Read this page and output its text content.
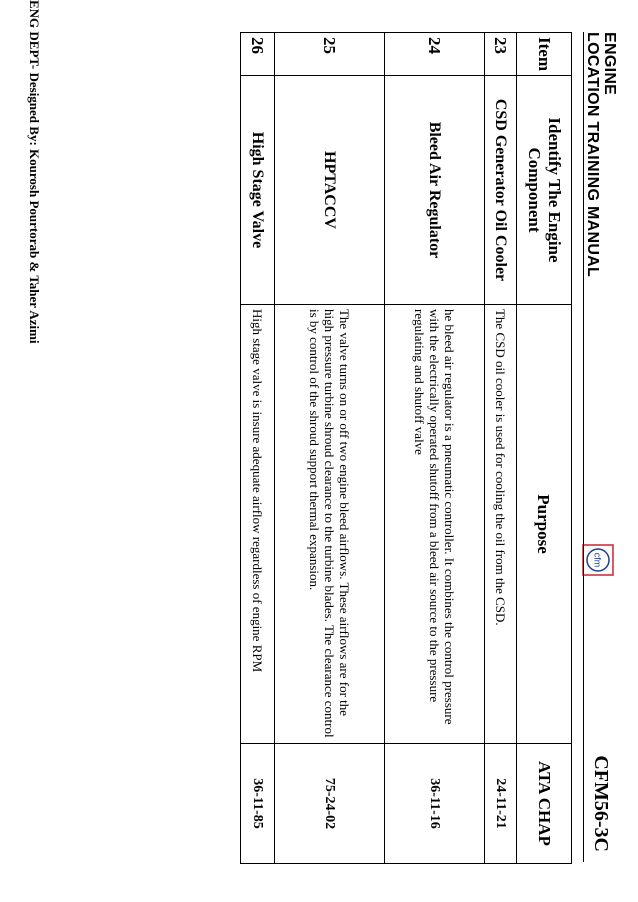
ENGINE
LOCATION TRAINING MANUAL
cfm
CFM56-3C
Item	Identify The Engine Component	Purpose	ATA CHAP
23	CSD Generator Oil Cooler	The CSD oil cooler is used for cooling the oil from the CSD.	24-11-21
24	Bleed Air Regulator	he bleed air regulator is a pneumatic controller. It combines the control pressure with the electrically operated shutoff from a bleed air source to the pressure regulating and shutoff valve	36-11-16
25	HPTACCV	The valve turns on or off two engine bleed airflows. These airflows are for the high pressure turbine shroud clearance to the turbine blades. The clearance control is by control of the shroud support thermal expansion.	75-24-02
26	High Stage Valve	High stage valve is insure adequate airflow regardless of engine RPM	36-11-85
ENG DEPT- Designed By: Kourosh Pourtorab & Taher Azimi
